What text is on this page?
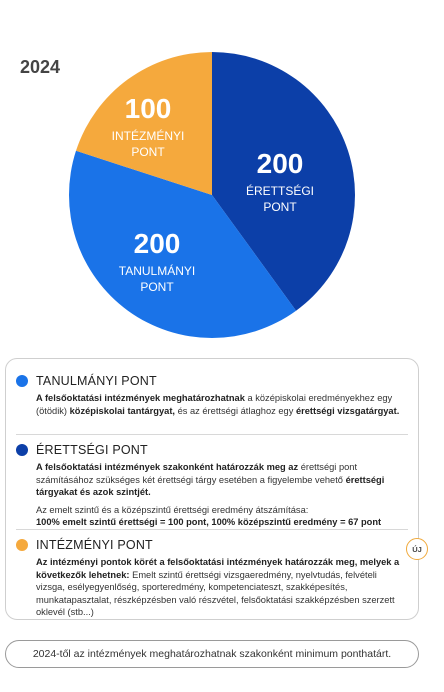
2024
200
ÉRETTSÉGI
PONT
200
TANULMÁNYI
PONT
100
INTÉZMÉNYI
PONT
TANULMÁNYI PONT

A felsőoktatási intézmények meghatározhatnak a középiskolai eredményekhez egy (ötödik) középiskolai tantárgyat, és az érettségi átlaghoz egy érettségi vizsgatárgyat.

ÉRETTSÉGI PONT

A felsőoktatási intézmények szakonként határozzák meg az érettségi pont számításához szükséges két érettségi tárgy esetében a figyelembe vehető érettségi tárgyakat és azok szintjét.

Az emelt szintű és a középszintű érettségi eredmény átszámítása:

100% emelt szintű érettségi = 100 pont, 100% középszintű eredmény = 67 pont

INTÉZMÉNYI PONT

Az intézményi pontok körét a felsőoktatási intézmények határozzák meg, melyek a következők lehetnek: Emelt szintű érettségi vizsgaeredmény, nyelvtudás, felvételi vizsga, esélyegyenlőség, sporteredmény, kompetenciateszt, szakképesítés, munkatapasztalat, részképzésben való részvétel, felsőoktatási szakképzésben szerzett oklevél (stb...)

ÚJ
2024-től az intézmények meghatározhatnak szakonként minimum ponthatárt.
